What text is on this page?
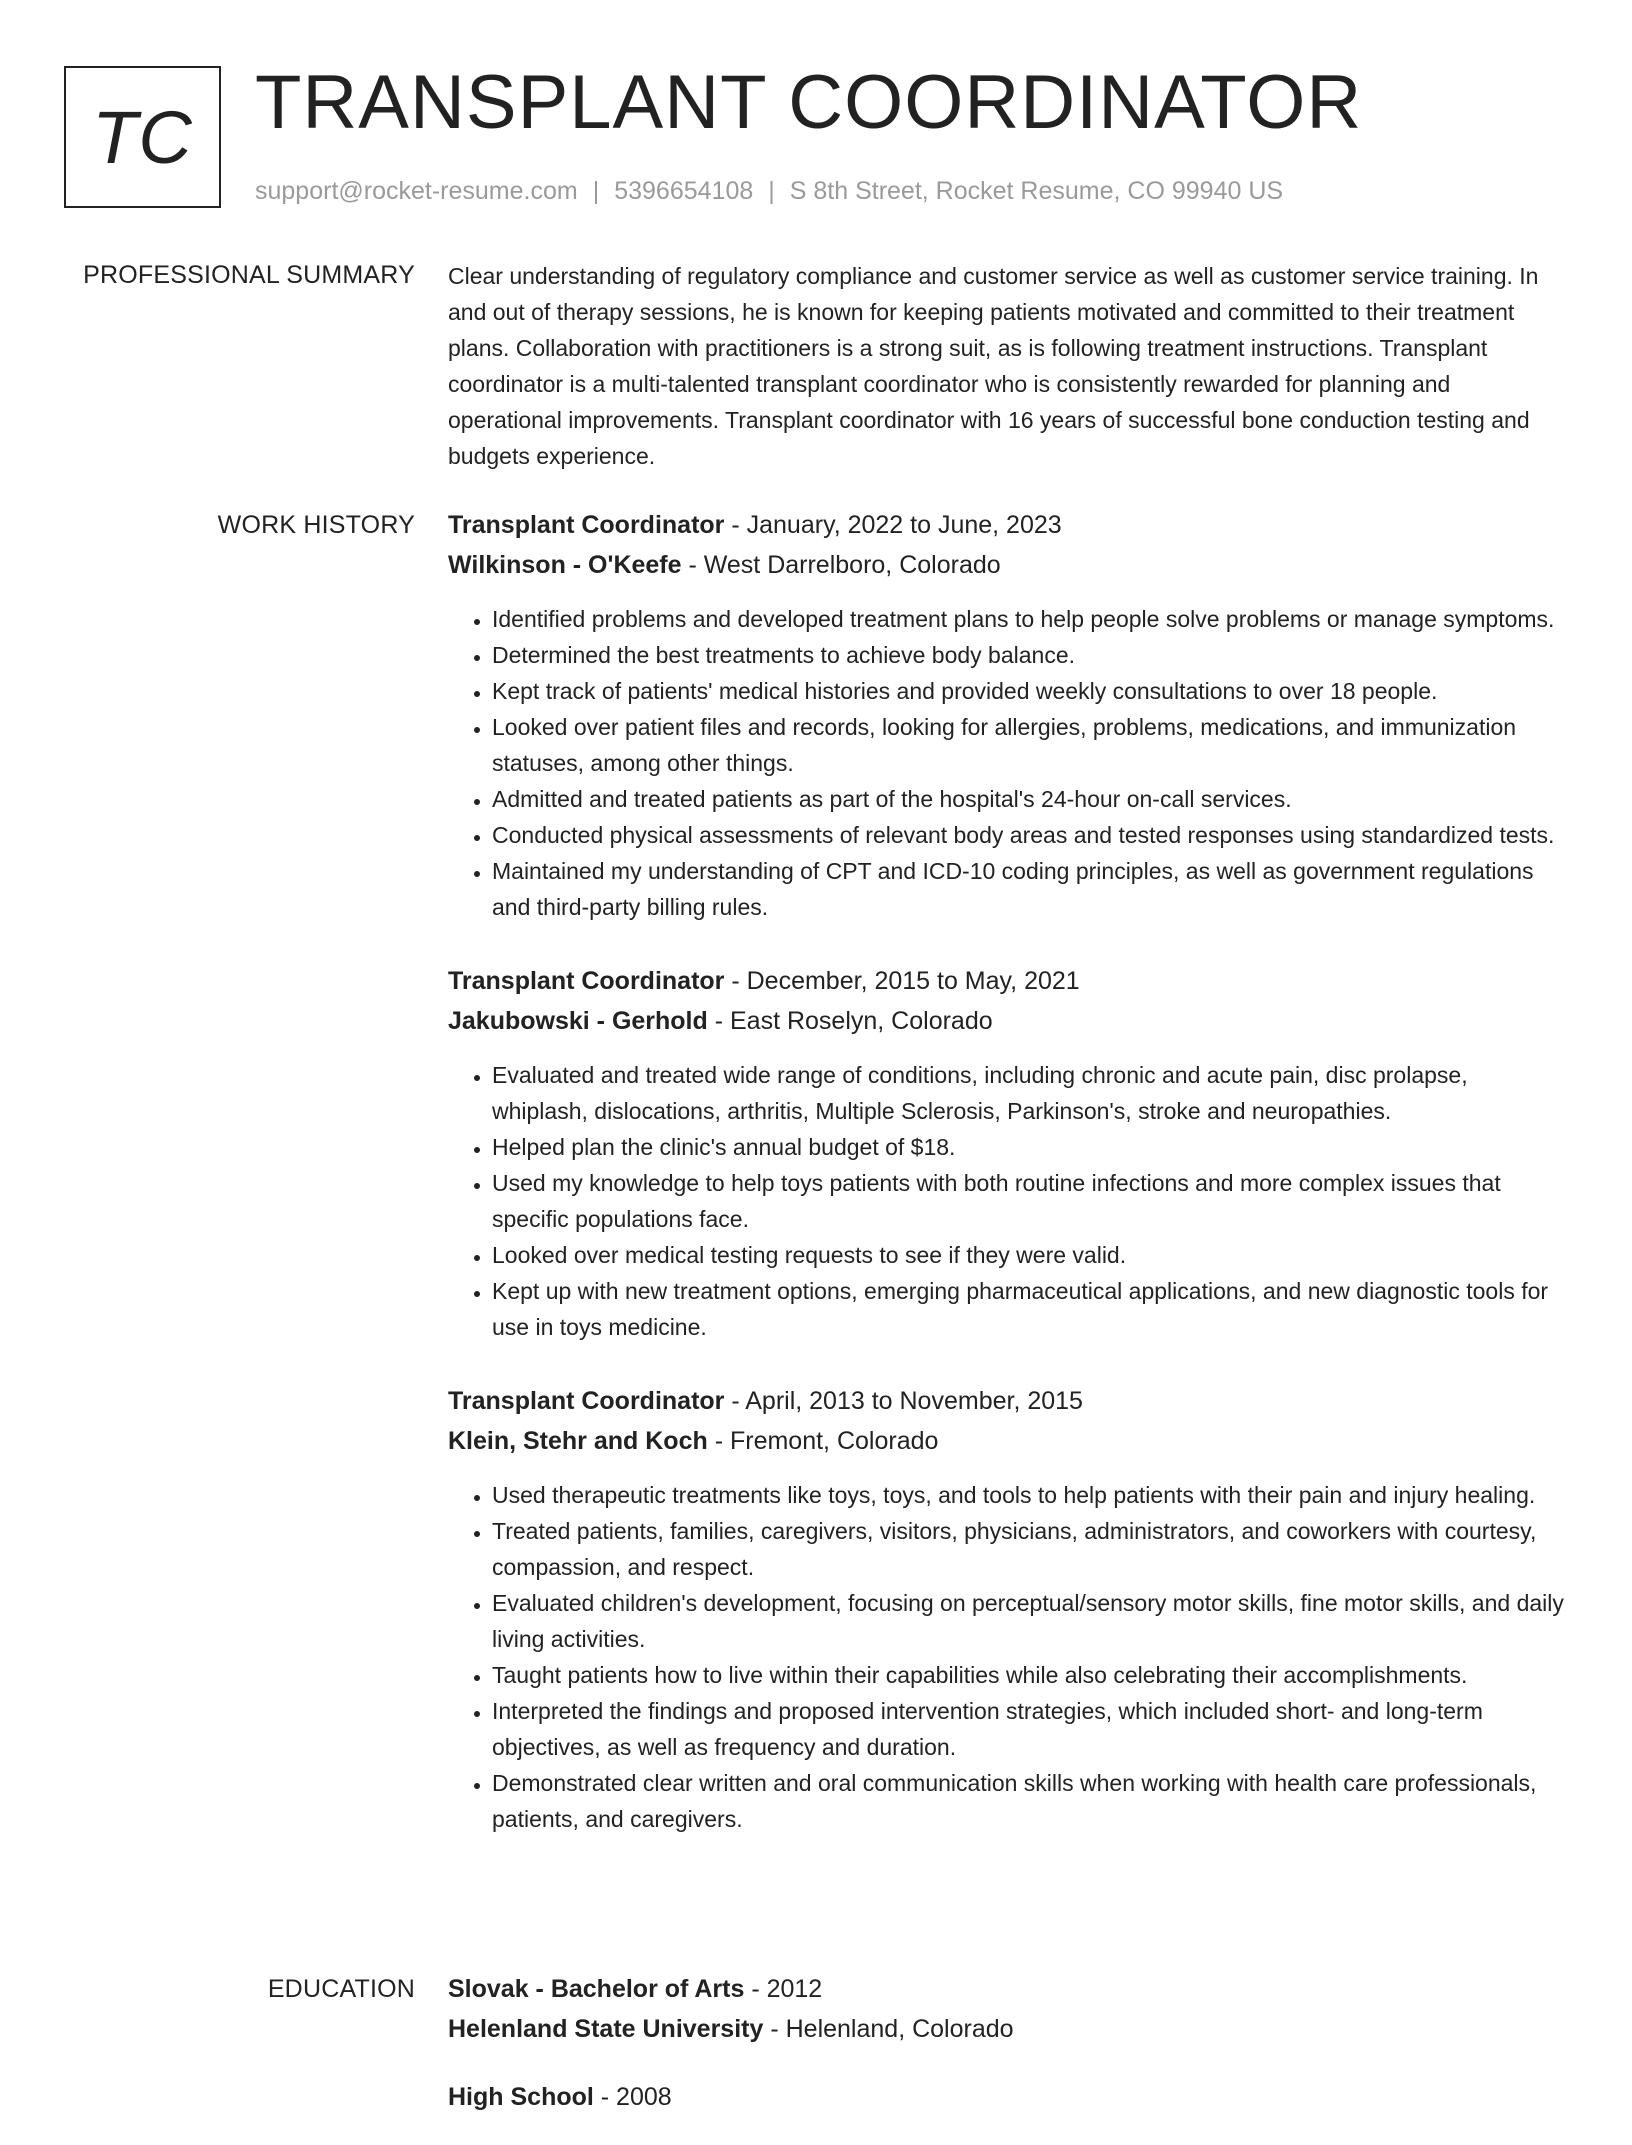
TC TRANSPLANT COORDINATOR
support@rocket-resume.com | 5396654108 | S 8th Street, Rocket Resume, CO 99940 US
PROFESSIONAL SUMMARY Clear understanding of regulatory compliance and customer service as well as customer service training. In and out of therapy sessions, he is known for keeping patients motivated and committed to their treatment plans. Collaboration with practitioners is a strong suit, as is following treatment instructions. Transplant coordinator is a multi-talented transplant coordinator who is consistently rewarded for planning and operational improvements. Transplant coordinator with 16 years of successful bone conduction testing and budgets experience.

WORK HISTORY Transplant Coordinator - January, 2022 to June, 2023
Wilkinson - O'Keefe - West Darrelboro, Colorado
• Identified problems and developed treatment plans to help people solve problems or manage symptoms.
• Determined the best treatments to achieve body balance.
• Kept track of patients' medical histories and provided weekly consultations to over 18 people.
• Looked over patient files and records, looking for allergies, problems, medications, and immunization statuses, among other things.
• Admitted and treated patients as part of the hospital's 24-hour on-call services.
• Conducted physical assessments of relevant body areas and tested responses using standardized tests.
• Maintained my understanding of CPT and ICD-10 coding principles, as well as government regulations and third-party billing rules.
Transplant Coordinator - December, 2015 to May, 2021
Jakubowski - Gerhold - East Roselyn, Colorado
• Evaluated and treated wide range of conditions, including chronic and acute pain, disc prolapse, whiplash, dislocations, arthritis, Multiple Sclerosis, Parkinson's, stroke and neuropathies.
• Helped plan the clinic's annual budget of $18.
• Used my knowledge to help toys patients with both routine infections and more complex issues that specific populations face.
• Looked over medical testing requests to see if they were valid.
• Kept up with new treatment options, emerging pharmaceutical applications, and new diagnostic tools for use in toys medicine.
Transplant Coordinator - April, 2013 to November, 2015
Klein, Stehr and Koch - Fremont, Colorado
• Used therapeutic treatments like toys, toys, and tools to help patients with their pain and injury healing.
• Treated patients, families, caregivers, visitors, physicians, administrators, and coworkers with courtesy, compassion, and respect.
• Evaluated children's development, focusing on perceptual/sensory motor skills, fine motor skills, and daily living activities.
• Taught patients how to live within their capabilities while also celebrating their accomplishments.
• Interpreted the findings and proposed intervention strategies, which included short- and long-term objectives, as well as frequency and duration.
• Demonstrated clear written and oral communication skills when working with health care professionals, patients, and caregivers.
EDUCATION Slovak - Bachelor of Arts - 2012
Helenland State University - Helenland, Colorado
High School - 2008
